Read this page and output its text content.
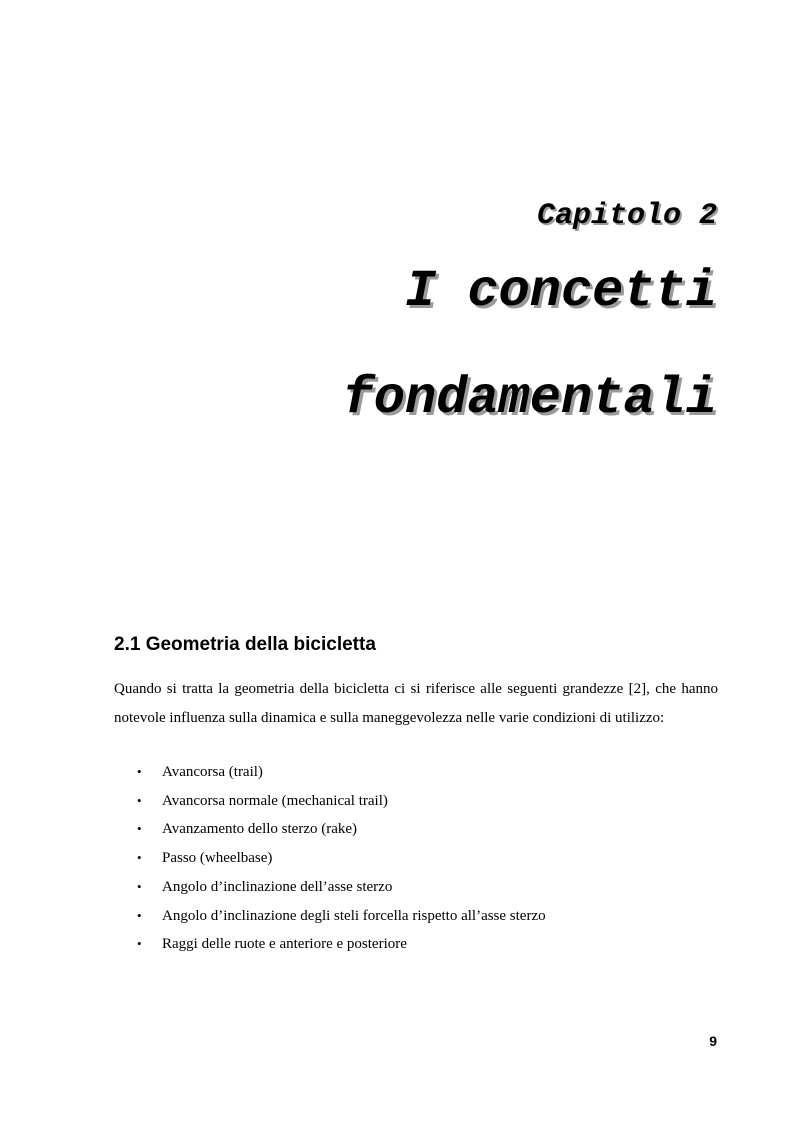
Capitolo 2
I concetti
fondamentali
2.1 Geometria della bicicletta

Quando si tratta la geometria della bicicletta ci si riferisce alle seguenti grandezze [2], che hanno notevole influenza sulla dinamica e sulla maneggevolezza nelle varie condizioni di utilizzo:

• Avancorsa (trail)
• Avancorsa normale (mechanical trail)
• Avanzamento dello sterzo (rake)
• Passo (wheelbase)
• Angolo d’inclinazione dell’asse sterzo
• Angolo d’inclinazione degli steli forcella rispetto all’asse sterzo
• Raggi delle ruote e anteriore e posteriore
9
